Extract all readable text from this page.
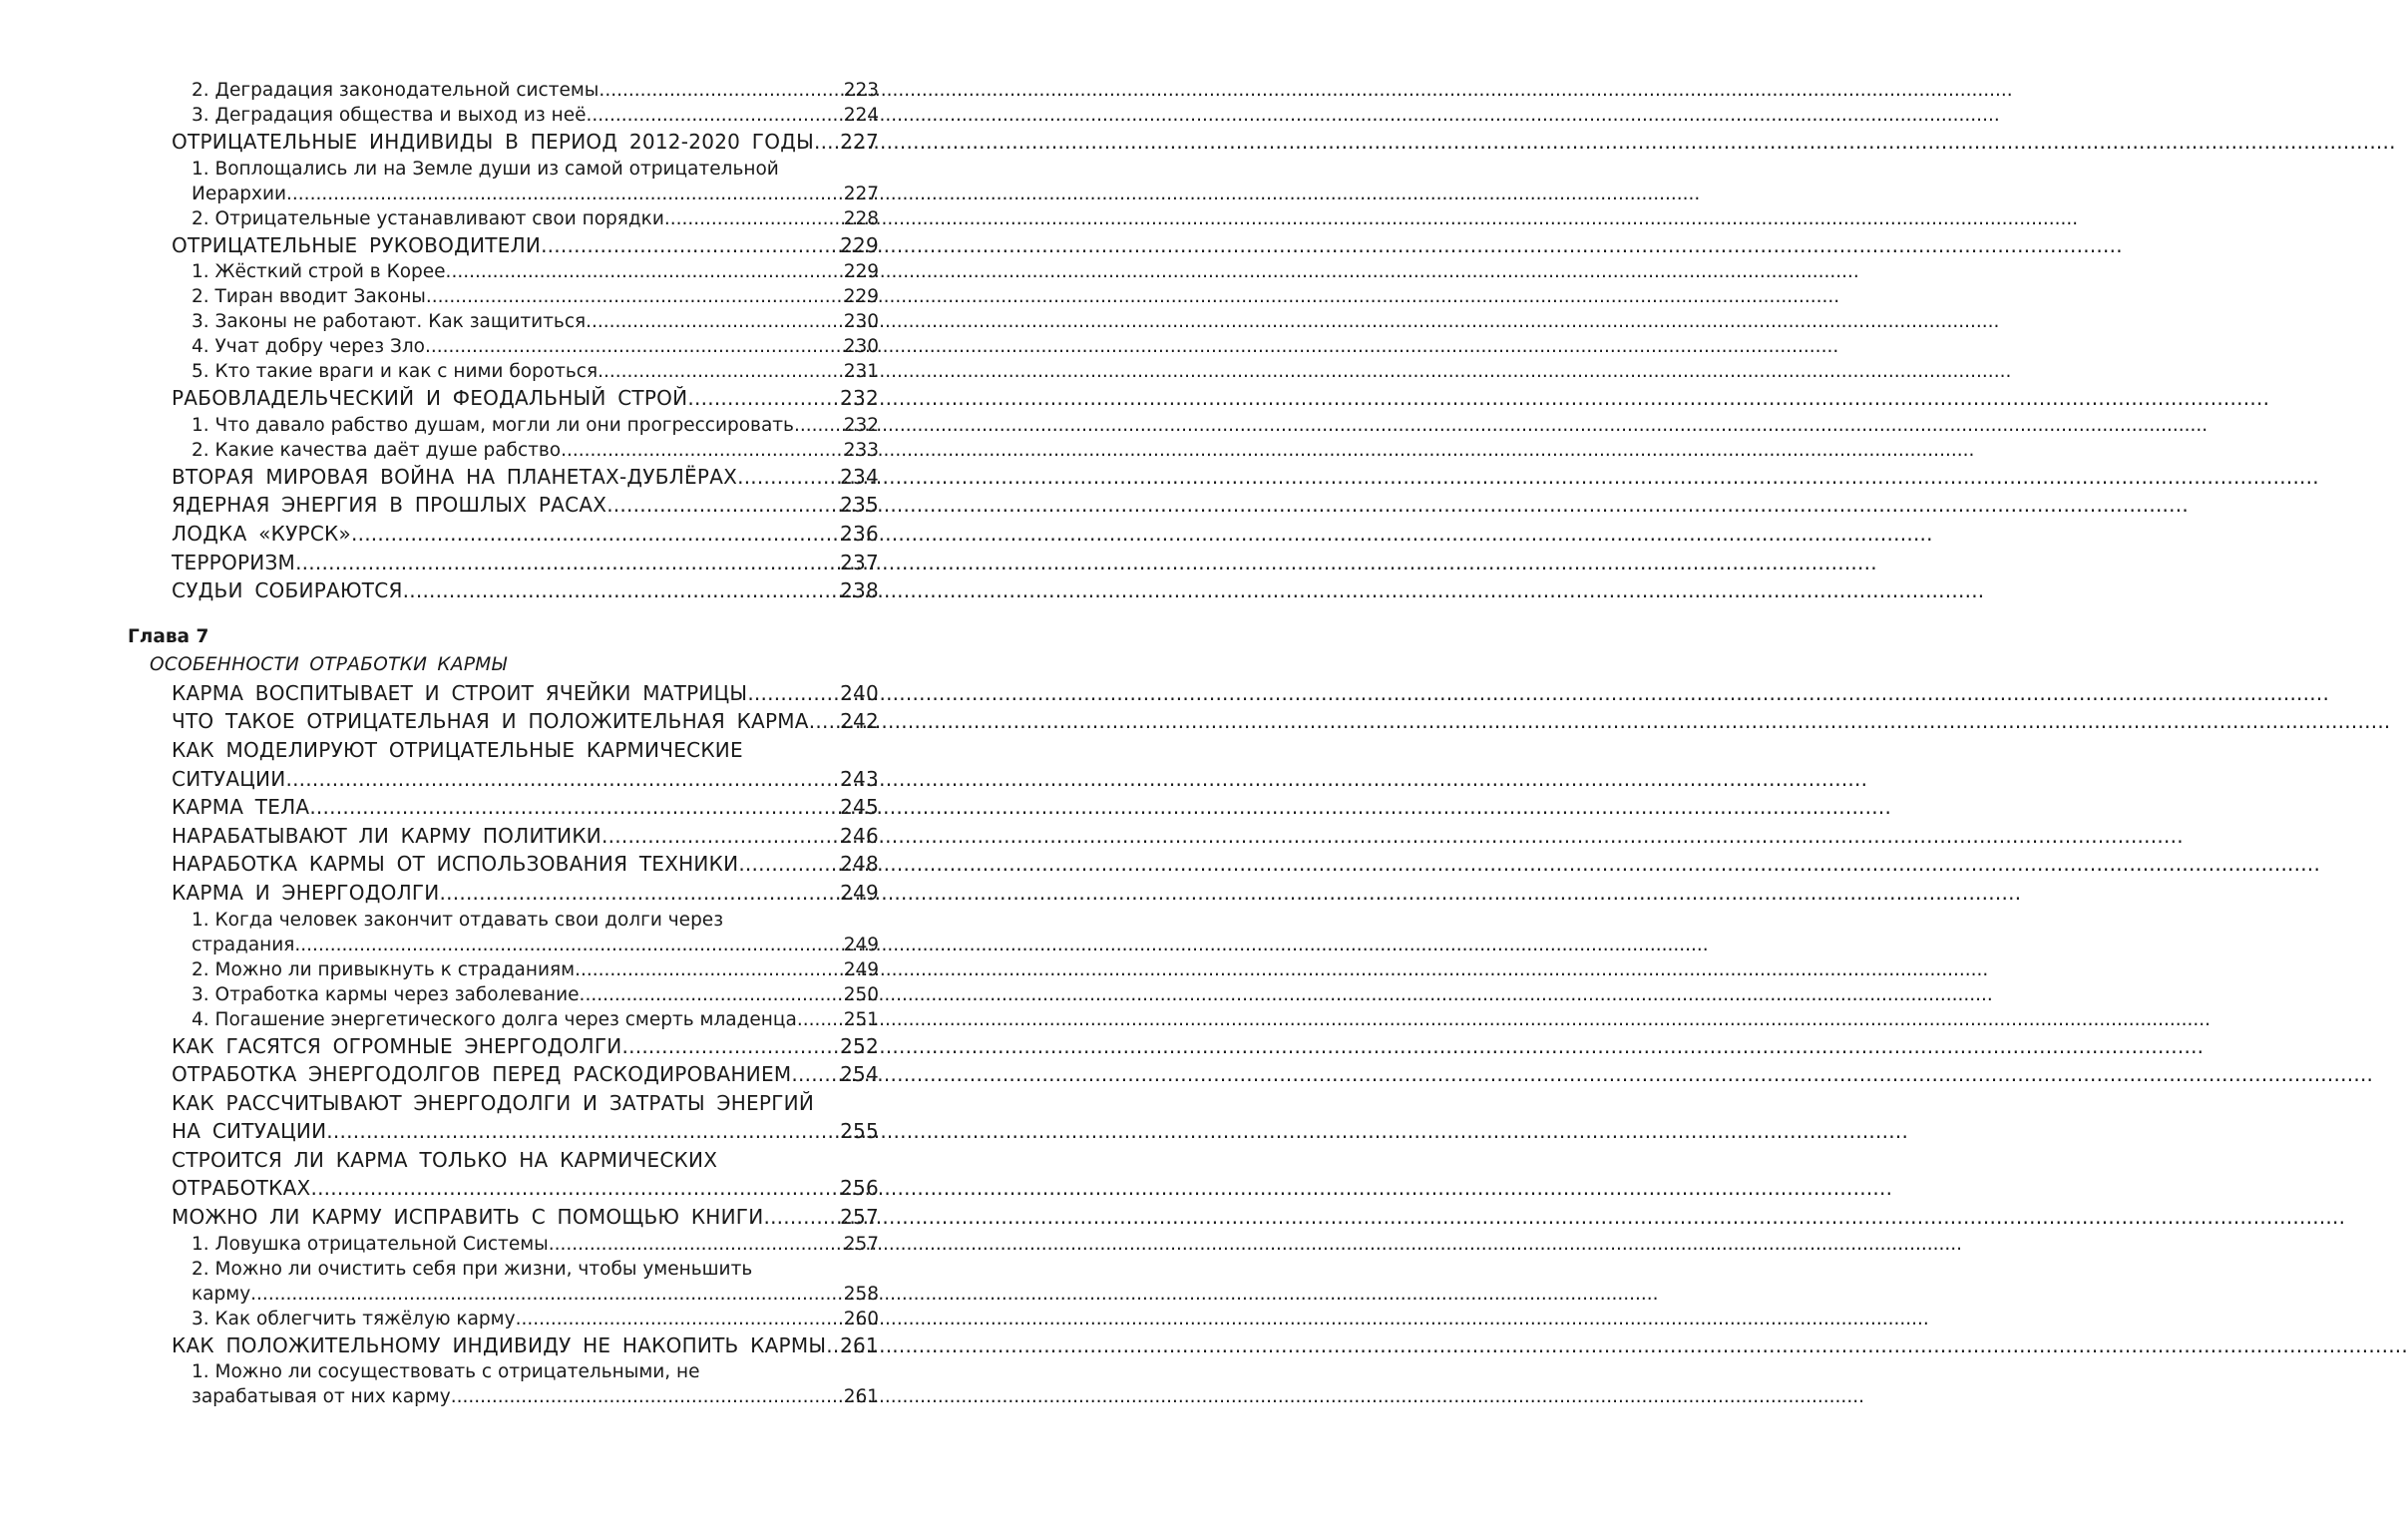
2. Деградация законодательной системы. .....	223
3. Деградация общества и выход из неё. .....	224
ОТРИЦАТЕЛЬНЫЕ ИНДИВИДЫ В ПЕРИОД 2012-2020 ГОДЫ ..... 227
1. Воплощались ли на Земле души из самой отрицательной
Иерархии. .....	227
2. Отрицательные устанавливают свои порядки. .....	228
ОТРИЦАТЕЛЬНЫЕ РУКОВОДИТЕЛИ .....	229
1. Жёсткий строй в Корее. .....	229
2. Тиран вводит Законы. .....	229
3. Законы не работают. Как защититься. .....	230
4. Учат добру через Зло. .....	230
5. Кто такие враги и как с ними бороться. .....	231
РАБОВЛАДЕЛЬЧЕСКИЙ И ФЕОДАЛЬНЫЙ СТРОЙ .....	232
1. Что давало рабство душам, могли ли они прогрессировать. ..... 232
2. Какие качества даёт душе рабство. .....	233
ВТОРАЯ МИРОВАЯ ВОЙНА НА ПЛАНЕТАХ-ДУБЛЁРАХ .....	234
ЯДЕРНАЯ ЭНЕРГИЯ В ПРОШЛЫХ РАСАХ .....	235
ЛОДКА «КУРСК» .....	236
ТЕРРОРИЗМ .....	237
СУДЬИ СОБИРАЮТСЯ .....	238
Глава 7
ОСОБЕННОСТИ ОТРАБОТКИ КАРМЫ
КАРМА ВОСПИТЫВАЕТ И СТРОИТ ЯЧЕЙКИ МАТРИЦЫ .....	240
ЧТО ТАКОЕ ОТРИЦАТЕЛЬНАЯ И ПОЛОЖИТЕЛЬНАЯ КАРМА ..... 242
КАК МОДЕЛИРУЮТ ОТРИЦАТЕЛЬНЫЕ КАРМИЧЕСКИЕ
СИТУАЦИИ .....	243
КАРМА ТЕЛА .....	245
НАРАБАТЫВАЮТ ЛИ КАРМУ ПОЛИТИКИ .....	246
НАРАБОТКА КАРМЫ ОТ ИСПОЛЬЗОВАНИЯ ТЕХНИКИ .....	248
КАРМА И ЭНЕРГОДОЛГИ .....	249
1. Когда человек закончит отдавать свои долги через
страдания. .....	249
2. Можно ли привыкнуть к страданиям. .....	249
3. Отработка кармы через заболевание. .....	250
4. Погашение энергетического долга через смерть младенца. ..... 251
КАК ГАСЯТСЯ ОГРОМНЫЕ ЭНЕРГОДОЛГИ .....	252
ОТРАБОТКА ЭНЕРГОДОЛГОВ ПЕРЕД РАСКОДИРОВАНИЕМ ..... 254
КАК РАССЧИТЫВАЮТ ЭНЕРГОДОЛГИ И ЗАТРАТЫ ЭНЕРГИЙ
НА СИТУАЦИИ .....	255
СТРОИТСЯ ЛИ КАРМА ТОЛЬКО НА КАРМИЧЕСКИХ
ОТРАБОТКАХ .....	256
МОЖНО ЛИ КАРМУ ИСПРАВИТЬ С ПОМОЩЬЮ КНИГИ .....	257
1. Ловушка отрицательной Системы. .....	257
2. Можно ли очистить себя при жизни, чтобы уменьшить
карму .....	258
3. Как облегчить тяжёлую карму. .....	260
КАК ПОЛОЖИТЕЛЬНОМУ ИНДИВИДУ НЕ НАКОПИТЬ КАРМЫ ..... 261
1. Можно ли сосуществовать с отрицательными, не
зарабатывая от них карму. .....	261
